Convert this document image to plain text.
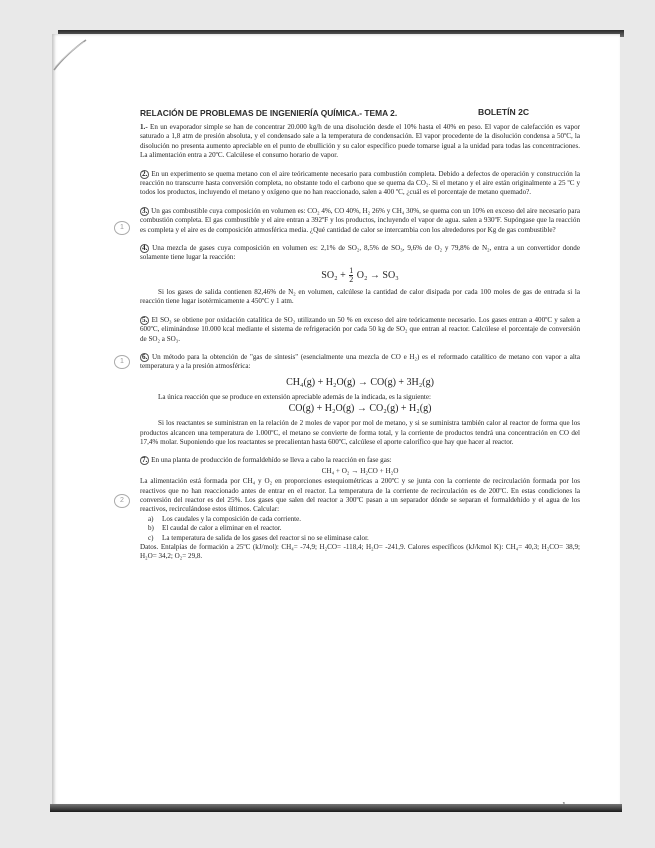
RELACIÓN DE PROBLEMAS DE INGENIERÍA QUÍMICA.- TEMA 2.	BOLETÍN 2C

1.- En un evaporador simple se han de concentrar 20.000 kg/h de una disolución desde el 10% hasta el 40% en peso. El vapor de calefacción es vapor saturado a 1,8 atm de presión absoluta, y el condensado sale a la temperatura de condensación. El vapor procedente de la disolución condensa a 50ºC, la disolución no presenta aumento apreciable en el punto de ebullición y su calor específico puede tomarse igual a la unidad para todas las concentraciones. La alimentación entra a 20ºC. Calcúlese el consumo horario de vapor.

2. En un experimento se quema metano con el aire teóricamente necesario para combustión completa. Debido a defectos de operación y construcción la reacción no transcurre hasta conversión completa, no obstante todo el carbono que se quema da CO₂. Si el metano y el aire están originalmente a 25 ºC y todos los productos, incluyendo el metano y oxígeno que no han reaccionado, salen a 400 ºC, ¿cuál es el porcentaje de metano quemado?.

1

3. Un gas combustible cuya composición en volumen es: CO₂ 4%, CO 40%, H₂ 26% y CH₄ 30%, se quema con un 10% en exceso del aire necesario para combustión completa. El gas combustible y el aire entran a 392ºF y los productos, incluyendo el vapor de agua. salen a 930ºF. Supóngase que la reacción es completa y el aire es de composición atmosférica media. ¿Qué cantidad de calor se intercambia con los alrededores por Kg de gas combustible?

4. Una mezcla de gases cuya composición en volumen es: 2,1% de SO₂, 8,5% de SO₃, 9,6% de O₂ y 79,8% de N₂, entra a un convertidor donde solamente tiene lugar la reacción:

$SO_2 + \frac{1}{2} O_2 \to SO_3$

Si los gases de salida contienen 82,46% de N₂ en volumen, calcúlese la cantidad de calor disipada por cada 100 moles de gas de entrada si la reacción tiene lugar isotérmicamente a 450ºC y 1 atm.

5. El SO₃ se obtiene por oxidación catalítica de SO₂ utilizando un 50 % en exceso del aire teóricamente necesario. Los gases entran a 400ºC y salen a 600ºC, eliminándose 10.000 kcal mediante el sistema de refrigeración por cada 50 kg de SO₂ que entran al reactor. Calcúlese el porcentaje de conversión de SO₂ a SO₃.

1

6. Un método para la obtención de "gas de síntesis" (esencialmente una mezcla de CO e H₂) es el reformado catalítico de metano con vapor a alta temperatura y a la presión atmosférica:

CH₄(g) + H₂O(g) → CO(g) + 3H₂(g)

La única reacción que se produce en extensión apreciable además de la indicada, es la siguiente:

CO(g) + H₂O(g) → CO₂(g) + H₂(g)

Si los reactantes se suministran en la relación de 2 moles de vapor por mol de metano, y si se suministra también calor al reactor de forma que los productos alcancen una temperatura de 1.000ºC, el metano se convierte de forma total, y la corriente de productos tendrá una concentración en CO del 17,4% molar. Suponiendo que los reactantes se precalientan hasta 600ºC, calcúlese el aporte calorífico que hay que hacer al reactor.

2

7. En una planta de producción de formaldehído se lleva a cabo la reacción en fase gas:

CH₄ + O₂ → H₂CO + H₂O

La alimentación está formada por CH₄ y O₂ en proporciones estequiométricas a 200ºC y se junta con la corriente de recirculación formada por los reactivos que no han reaccionado antes de entrar en el reactor. La temperatura de la corriente de recirculación es de 200ºC. En estas condiciones la conversión del reactor es del 25%. Los gases que salen del reactor a 300ºC pasan a un separador dónde se separan el formaldehído y el agua de los reactivos, recirculándose estos últimos. Calcular:

a) Los caudales y la composición de cada corriente.
b) El caudal de calor a eliminar en el reactor.
c) La temperatura de salida de los gases del reactor si no se eliminase calor.

Datos. Entalpías de formación a 25ºC (kJ/mol): CH₄= -74,9; H₂CO= -118,4; H₂O= -241,9. Calores específicos (kJ/kmol K): CH₄= 40,3; H₂CO= 38,9; H₂O= 34,2; O₂= 29,8.
